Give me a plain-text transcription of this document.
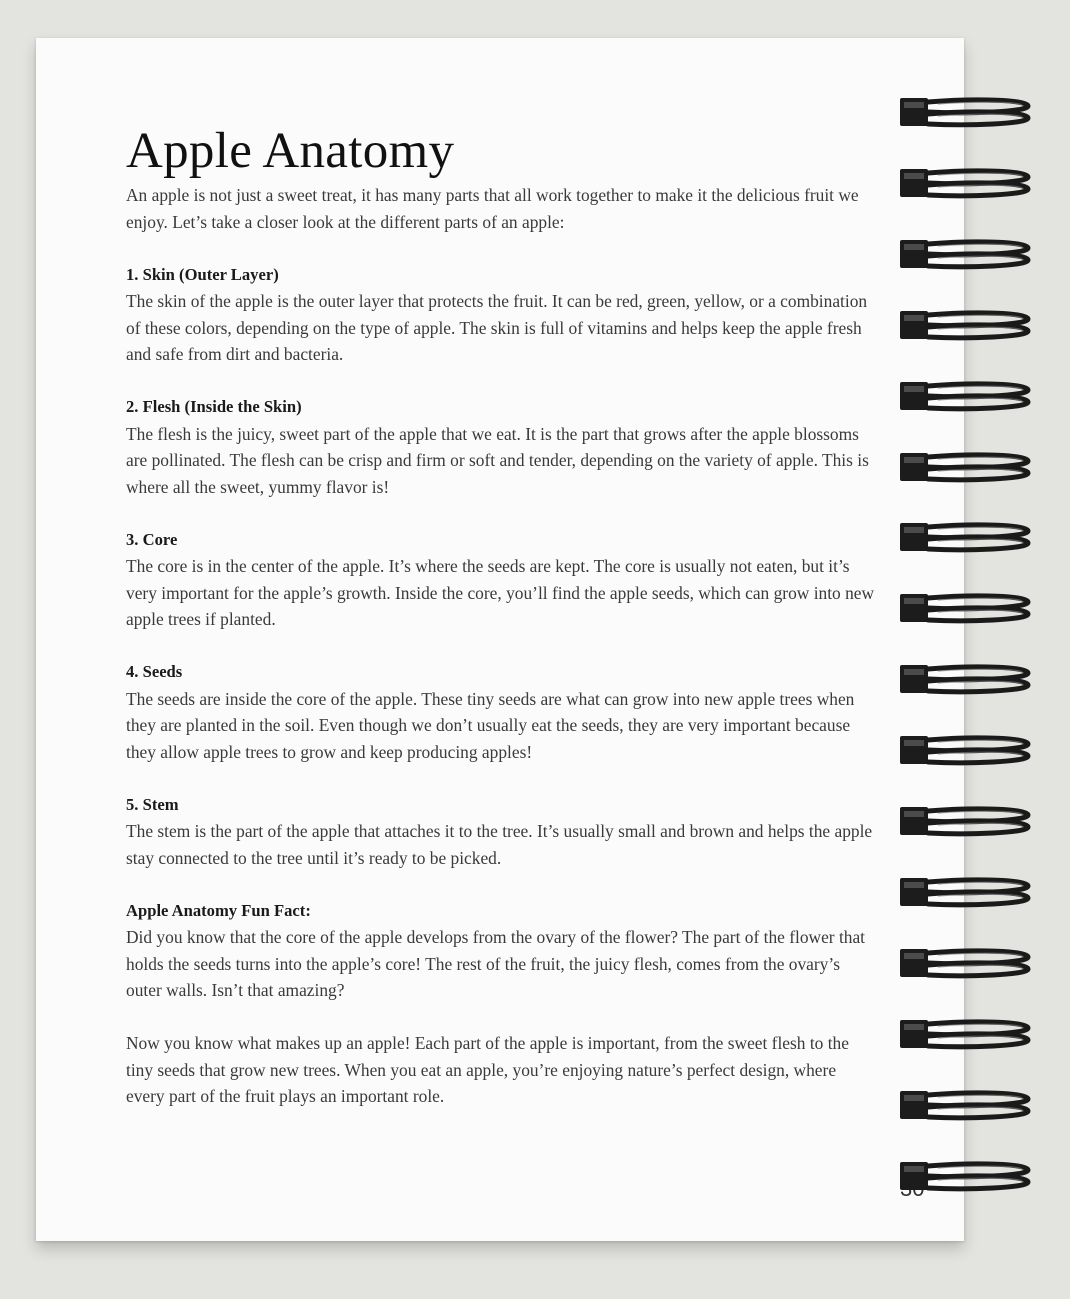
Apple Anatomy

An apple is not just a sweet treat, it has many parts that all work together to make it the delicious fruit we enjoy. Let’s take a closer look at the different parts of an apple:

1. Skin (Outer Layer)

The skin of the apple is the outer layer that protects the fruit. It can be red, green, yellow, or a combination of these colors, depending on the type of apple. The skin is full of vitamins and helps keep the apple fresh and safe from dirt and bacteria.

2. Flesh (Inside the Skin)

The flesh is the juicy, sweet part of the apple that we eat. It is the part that grows after the apple blossoms are pollinated. The flesh can be crisp and firm or soft and tender, depending on the variety of apple. This is where all the sweet, yummy flavor is!

3. Core

The core is in the center of the apple. It’s where the seeds are kept. The core is usually not eaten, but it’s very important for the apple’s growth. Inside the core, you’ll find the apple seeds, which can grow into new apple trees if planted.

4. Seeds

The seeds are inside the core of the apple. These tiny seeds are what can grow into new apple trees when they are planted in the soil. Even though we don’t usually eat the seeds, they are very important because they allow apple trees to grow and keep producing apples!

5. Stem

The stem is the part of the apple that attaches it to the tree. It’s usually small and brown and helps the apple stay connected to the tree until it’s ready to be picked.

Apple Anatomy Fun Fact:

Did you know that the core of the apple develops from the ovary of the flower? The part of the flower that holds the seeds turns into the apple’s core! The rest of the fruit, the juicy flesh, comes from the ovary’s outer walls. Isn’t that amazing?

Now you know what makes up an apple! Each part of the apple is important, from the sweet flesh to the tiny seeds that grow new trees. When you eat an apple, you’re enjoying nature’s perfect design, where every part of the fruit plays an important role.
